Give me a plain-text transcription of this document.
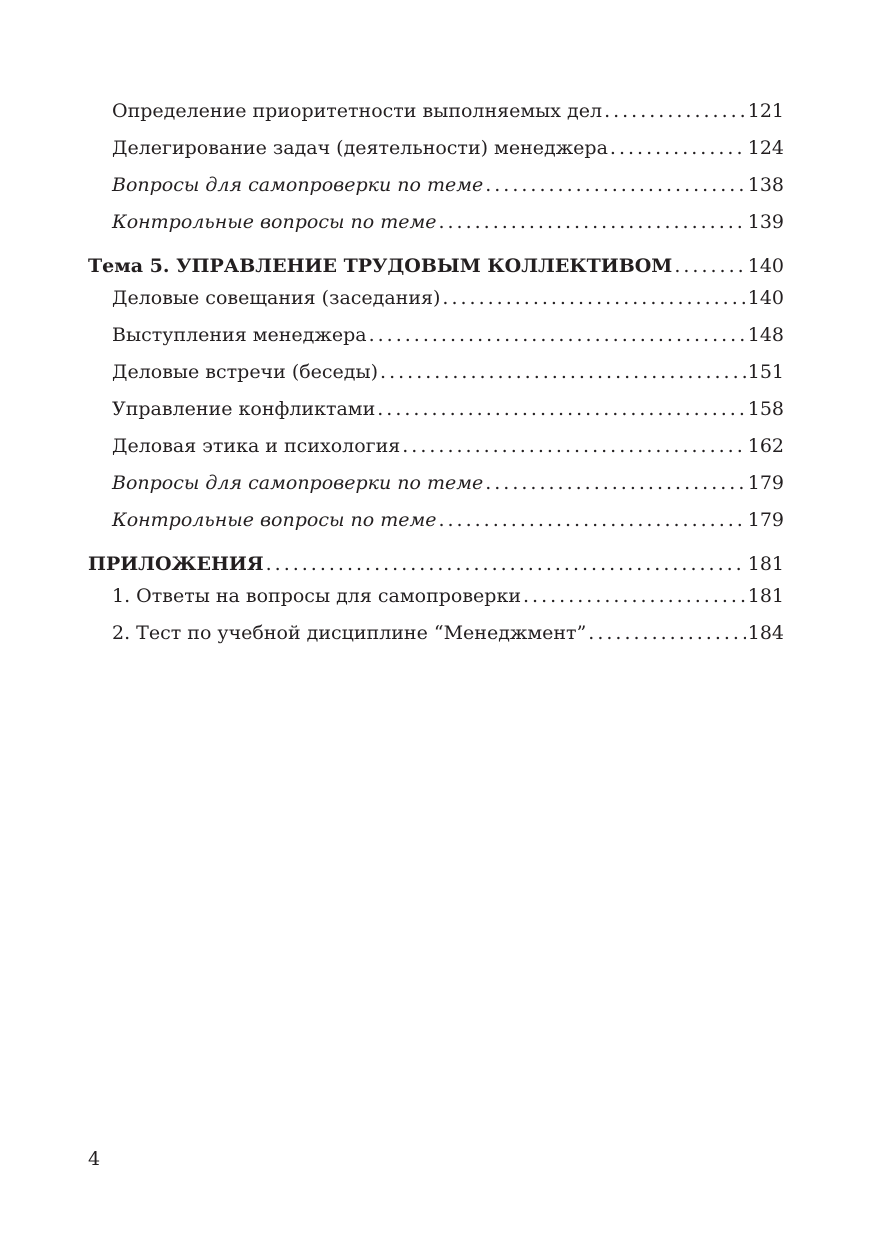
Определение приоритетности выполняемых дел .....	121
Делегирование задач (деятельности) менеджера .....	124
Вопросы для самопроверки по теме .....	138
Контрольные вопросы по теме .....	139
Тема 5. УПРАВЛЕНИЕ ТРУДОВЫМ КОЛЛЕКТИВОМ .....	140
Деловые совещания (заседания) .....	140
Выступления менеджера .....	148
Деловые встречи (беседы) .....	151
Управление конфликтами .....	158
Деловая этика и психология .....	162
Вопросы для самопроверки по теме .....	179
Контрольные вопросы по теме .....	179
ПРИЛОЖЕНИЯ .....	181
1. Ответы на вопросы для самопроверки .....	181
2. Тест по учебной дисциплине “Менеджмент” .....	184
4
